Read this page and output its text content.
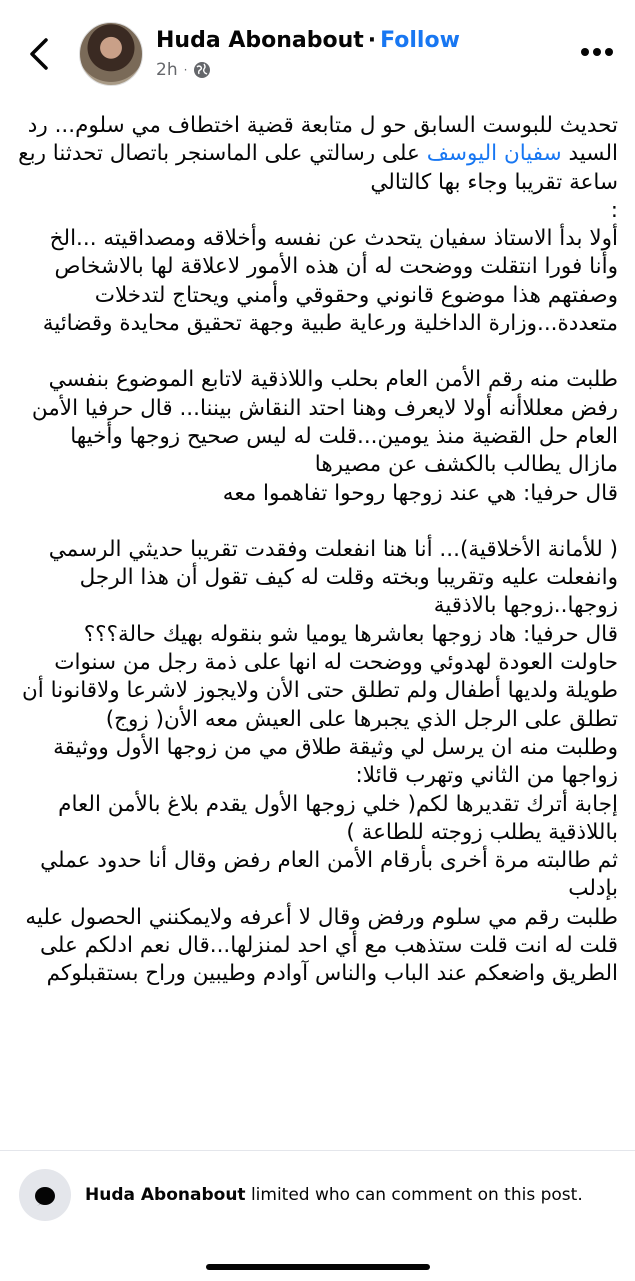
Huda Abonabout · Follow
2h ·

تحديث للبوست السابق حو ل متابعة قضية اختطاف مي سلوم... رد السيد سفيان اليوسف على رسالتي على الماسنجر باتصال تحدثنا ربع ساعة تقريبا وجاء بها كالتالي

:

أولا بدأ الاستاذ سفيان يتحدث عن نفسه وأخلاقه ومصداقيته ...الخ وأنا فورا انتقلت ووضحت له أن هذه الأمور لاعلاقة لها بالاشخاص وصفتهم هذا موضوع قانوني وحقوقي وأمني ويحتاج لتدخلات متعددة...وزارة الداخلية ورعاية طبية وجهة تحقيق محايدة وقضائية

طلبت منه رقم الأمن العام بحلب واللاذقية لاتابع الموضوع بنفسي رفض معللاأنه أولا لايعرف وهنا احتد النقاش بيننا... قال حرفيا الأمن العام حل القضية منذ يومين...قلت له ليس صحيح زوجها وأخيها مازال يطالب بالكشف عن مصيرها

قال حرفيا: هي عند زوجها روحوا تفاهموا معه

( للأمانة الأخلاقية)... أنا هنا انفعلت وفقدت تقريبا حديثي الرسمي وانفعلت عليه وتقريبا وبخته وقلت له كيف تقول أن هذا الرجل زوجها..زوجها بالاذقية

قال حرفيا: هاد زوجها بعاشرها يوميا شو بنقوله بهيك حالة؟؟؟

حاولت العودة لهدوئي ووضحت له انها على ذمة رجل من سنوات طويلة ولديها أطفال ولم تطلق حتى الأن ولايجوز لاشرعا ولاقانونا أن تطلق على الرجل الذي يجبرها على العيش معه الأن( زوج)

وطلبت منه ان يرسل لي وثيقة طلاق مي من زوجها الأول ووثيقة زواجها من الثاني وتهرب قائلا:

إجابة أترك تقديرها لكم( خلي زوجها الأول يقدم بلاغ بالأمن العام باللاذقية يطلب زوجته للطاعة )

ثم طالبته مرة أخرى بأرقام الأمن العام رفض وقال أنا حدود عملي بإدلب

طلبت رقم مي سلوم ورفض وقال لا أعرفه ولايمكنني الحصول عليه

قلت له انت قلت ستذهب مع أي احد لمنزلها...قال نعم ادلكم على الطريق واضعكم عند الباب والناس آوادم وطيبين وراح بستقبلوكم

Huda Abonabout limited who can comment on this post.
